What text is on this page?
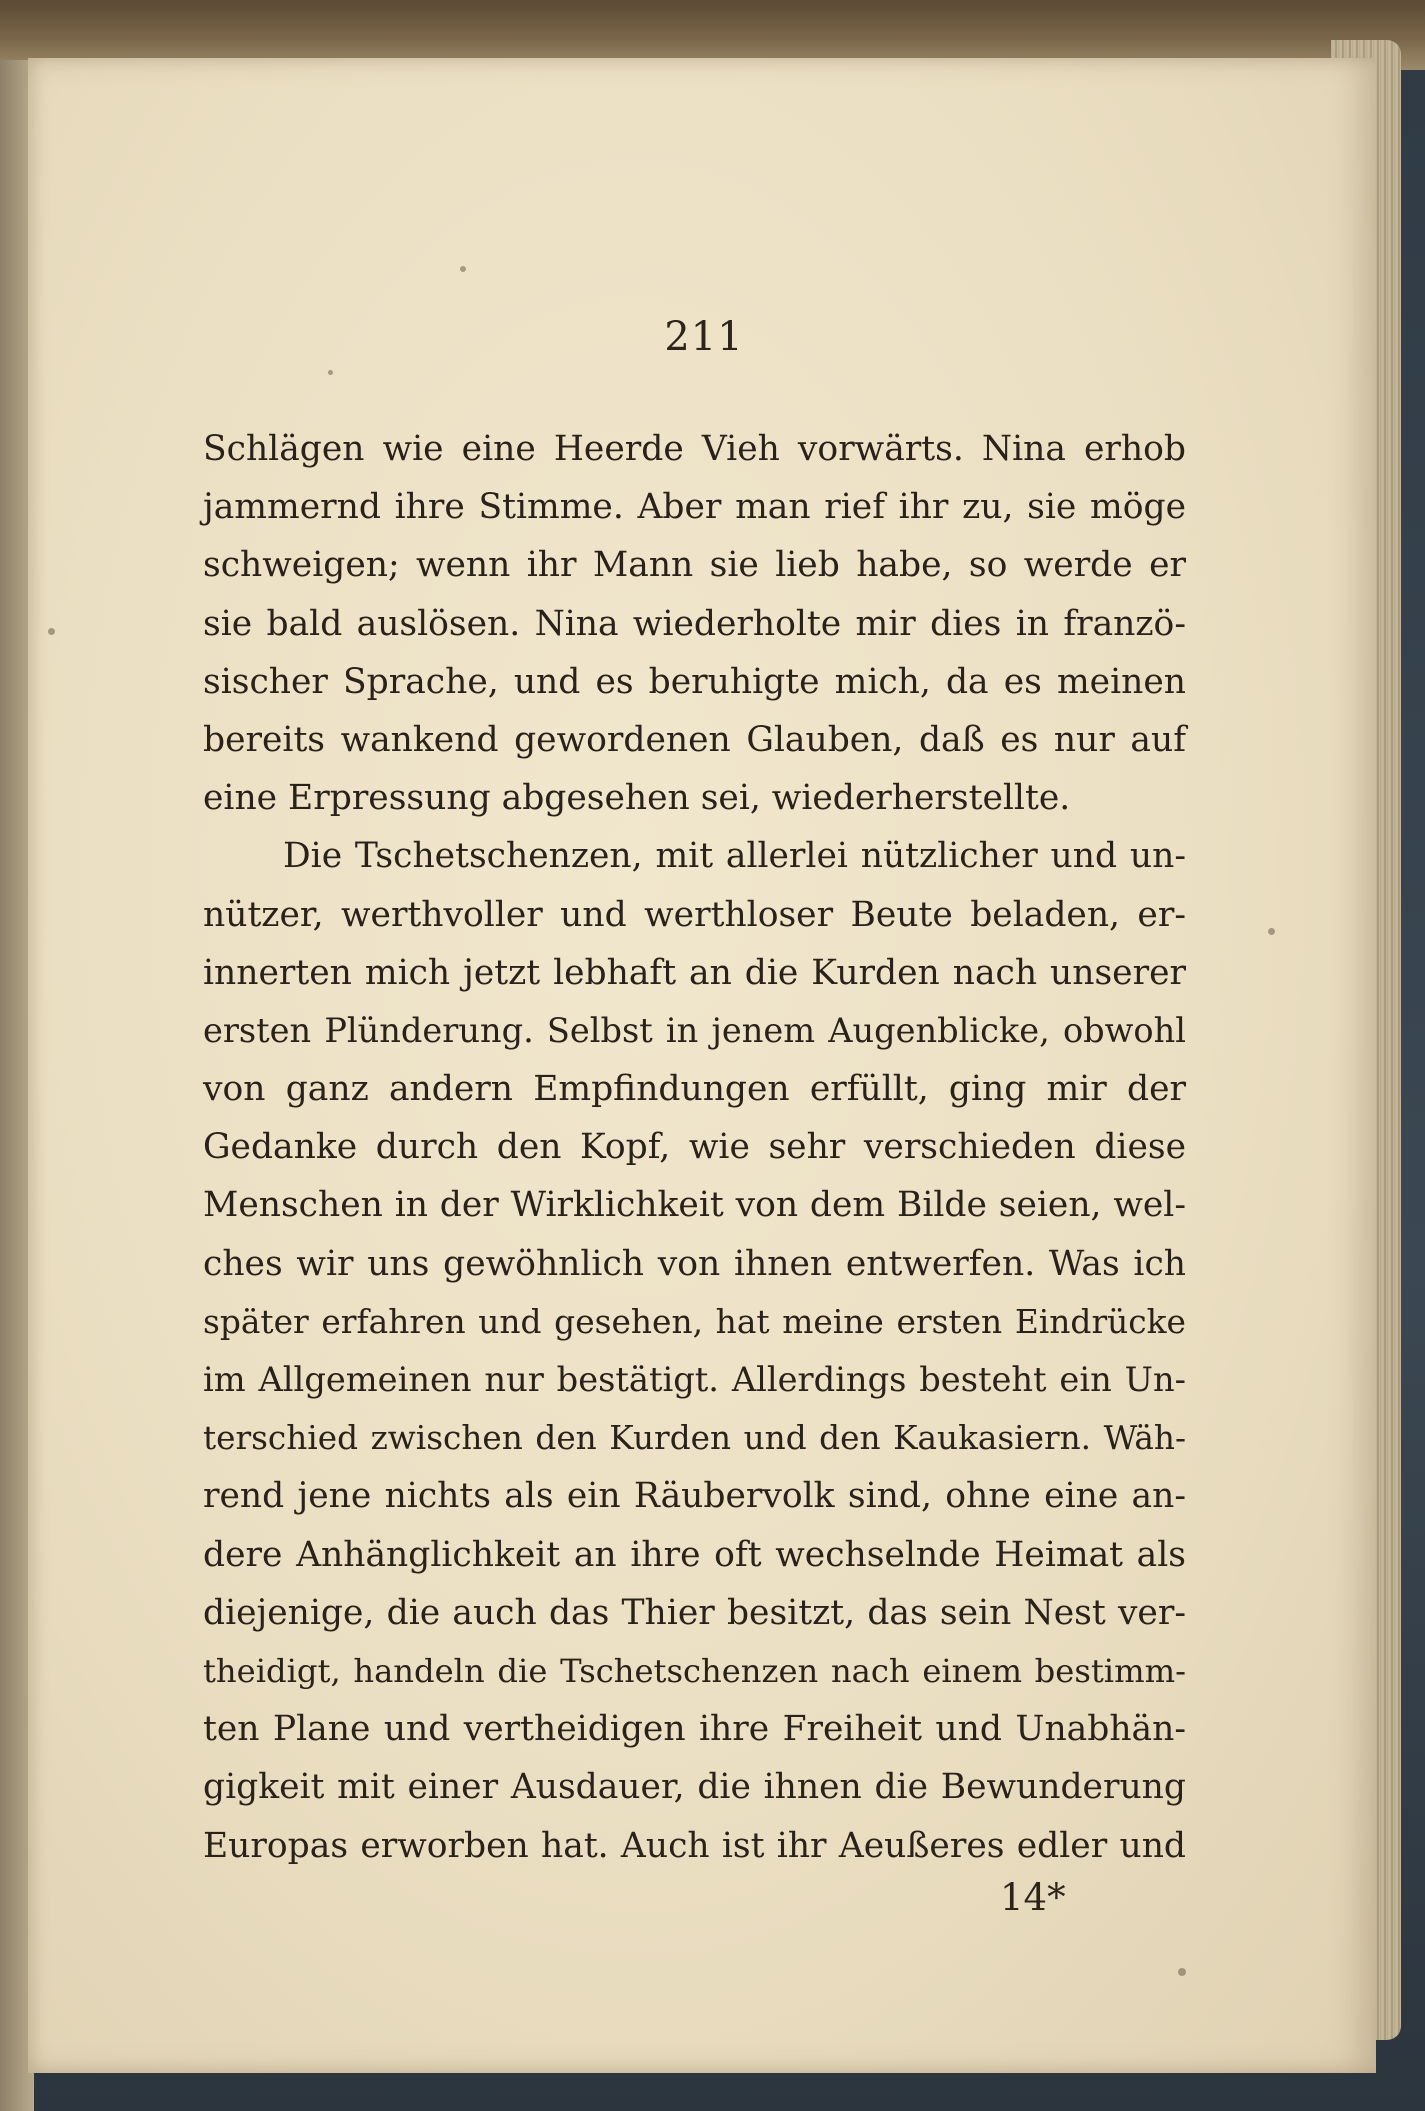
211
Schlägen wie eine Heerde Vieh vorwärts. Nina erhob
jammernd ihre Stimme. Aber man rief ihr zu, sie möge
schweigen; wenn ihr Mann sie lieb habe, so werde er
sie bald auslösen. Nina wiederholte mir dies in franzö-
sischer Sprache, und es beruhigte mich, da es meinen
bereits wankend gewordenen Glauben, daß es nur auf
eine Erpressung abgesehen sei, wiederherstellte.
Die Tschetschenzen, mit allerlei nützlicher und un-
nützer, werthvoller und werthloser Beute beladen, er-
innerten mich jetzt lebhaft an die Kurden nach unserer
ersten Plünderung. Selbst in jenem Augenblicke, obwohl
von ganz andern Empfindungen erfüllt, ging mir der
Gedanke durch den Kopf, wie sehr verschieden diese
Menschen in der Wirklichkeit von dem Bilde seien, wel-
ches wir uns gewöhnlich von ihnen entwerfen. Was ich
später erfahren und gesehen, hat meine ersten Eindrücke
im Allgemeinen nur bestätigt. Allerdings besteht ein Un-
terschied zwischen den Kurden und den Kaukasiern. Wäh-
rend jene nichts als ein Räubervolk sind, ohne eine an-
dere Anhänglichkeit an ihre oft wechselnde Heimat als
diejenige, die auch das Thier besitzt, das sein Nest ver-
theidigt, handeln die Tschetschenzen nach einem bestimm-
ten Plane und vertheidigen ihre Freiheit und Unabhän-
gigkeit mit einer Ausdauer, die ihnen die Bewunderung
Europas erworben hat. Auch ist ihr Aeußeres edler und
14*
